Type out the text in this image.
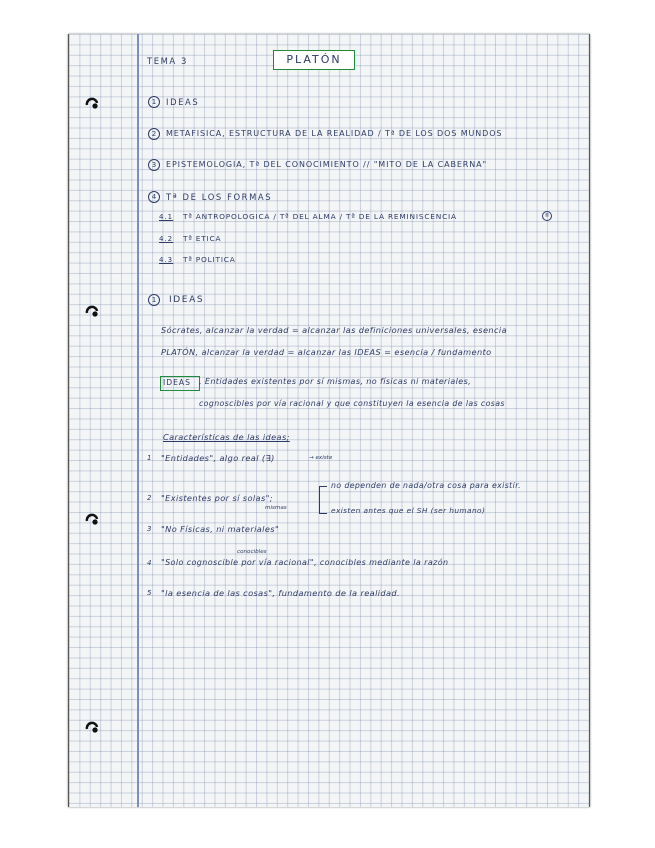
TEMA 3	PLATÓN
1	IDEAS
2	METAFISICA, ESTRUCTURA DE LA REALIDAD / Tª DE LOS DOS MUNDOS
3	EPISTEMOLOGIA, Tª DEL CONOCIMIENTO // "MITO DE LA CABERNA"
4	Tª DE LOS FORMAS
4.1 Tª ANTROPOLOGICA / Tª DEL ALMA / Tª DE LA REMINISCENCIA	®
4.2 Tª ETICA
4.3 Tª POLITICA
1	IDEAS
Sócrates, alcanzar la verdad = alcanzar las definiciones universales, esencia
PLATÓN, alcanzar la verdad = alcanzar las IDEAS = esencia / fundamento
IDEAS , Entidades existentes por sí mismas, no físicas ni materiales,
cognoscibles por vía racional y que constituyen la esencia de las cosas
Características de las ideas;
1 "Entidades", algo real (∃)	→ existe
2 "Existentes por sí solas";
mismas
no dependen de nada/otra cosa para existir.
existen antes que el SH (ser humano)
3 "No Físicas, ni materiales"
conocibles
4 "Solo cognoscible por vía racional", conocibles mediante la razón
5 "la esencia de las cosas", fundamento de la realidad.
